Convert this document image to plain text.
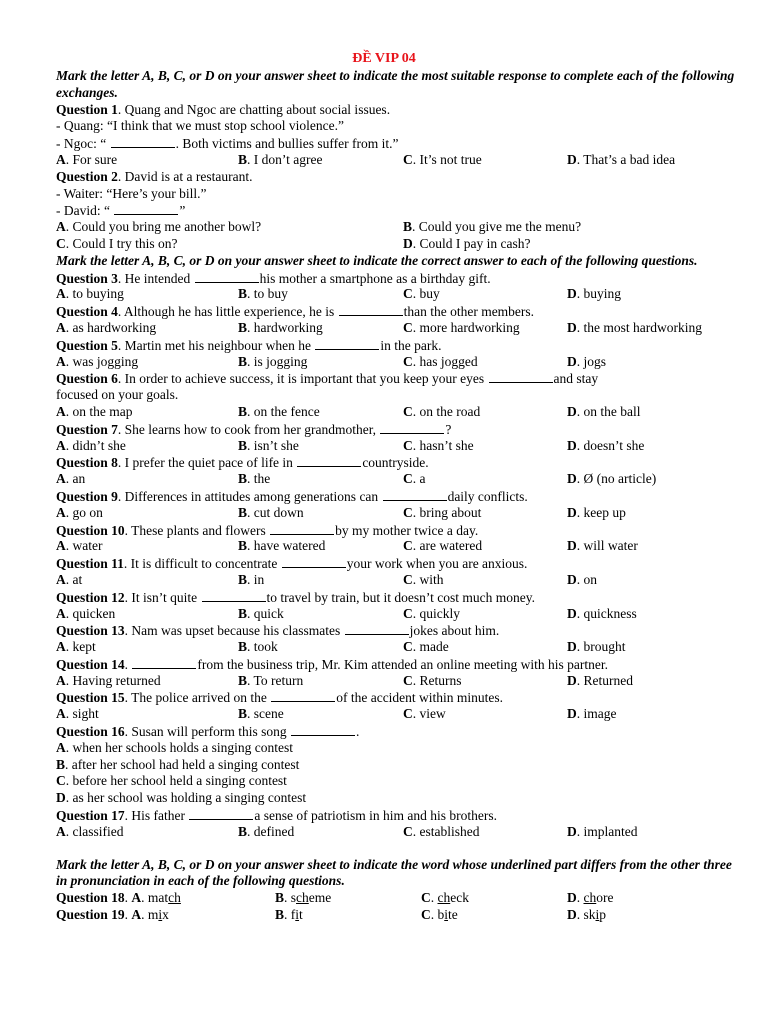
ĐỀ VIP 04
Mark the letter A, B, C, or D on your answer sheet to indicate the most suitable response to complete each of the following exchanges.
Question 1. Quang and Ngoc are chatting about social issues.
- Quang: “I think that we must stop school violence.”
- Ngoc: “	. Both victims and bullies suffer from it.”
A. For sure	B. I don’t agree	C. It’s not true	D. That’s a bad idea
Question 2. David is at a restaurant.
- Waiter: “Here’s your bill.”
- David: “	”
A. Could you bring me another bowl?	B. Could you give me the menu?
C. Could I try this on?	D. Could I pay in cash?
Mark the letter A, B, C, or D on your answer sheet to indicate the correct answer to each of the following questions.
Question 3. He intended	his mother a smartphone as a birthday gift.
A. to buying	B. to buy	C. buy	D. buying
Question 4. Although he has little experience, he is	than the other members.
A. as hardworking	B. hardworking	C. more hardworking	D. the most hardworking
Question 5. Martin met his neighbour when he	in the park.
A. was jogging	B. is jogging	C. has jogged	D. jogs
Question 6. In order to achieve success, it is important that you keep your eyes	and stay
focused on your goals.
A. on the map	B. on the fence	C. on the road	D. on the ball
Question 7. She learns how to cook from her grandmother,	?
A. didn’t she	B. isn’t she	C. hasn’t she	D. doesn’t she
Question 8. I prefer the quiet pace of life in	countryside.
A. an	B. the	C. a	D. Ø (no article)
Question 9. Differences in attitudes among generations can	daily conflicts.
A. go on	B. cut down	C. bring about	D. keep up
Question 10. These plants and flowers	by my mother twice a day.
A. water	B. have watered	C. are watered	D. will water
Question 11. It is difficult to concentrate	your work when you are anxious.
A. at	B. in	C. with	D. on
Question 12. It isn’t quite	to travel by train, but it doesn’t cost much money.
A. quicken	B. quick	C. quickly	D. quickness
Question 13. Nam was upset because his classmates	jokes about him.
A. kept	B. took	C. made	D. brought
Question 14.	from the business trip, Mr. Kim attended an online meeting with his partner.
A. Having returned	B. To return	C. Returns	D. Returned
Question 15. The police arrived on the	of the accident within minutes.
A. sight	B. scene	C. view	D. image
Question 16. Susan will perform this song	.
A. when her schools holds a singing contest
B. after her school had held a singing contest
C. before her school held a singing contest
D. as her school was holding a singing contest
Question 17. His father	a sense of patriotism in him and his brothers.
A. classified	B. defined	C. established	D. implanted
Mark the letter A, B, C, or D on your answer sheet to indicate the word whose underlined part differs from the other three in pronunciation in each of the following questions.
Question 18. A. match	B. scheme	C. check	D. chore
Question 19. A. mix	B. fit	C. bite	D. skip
